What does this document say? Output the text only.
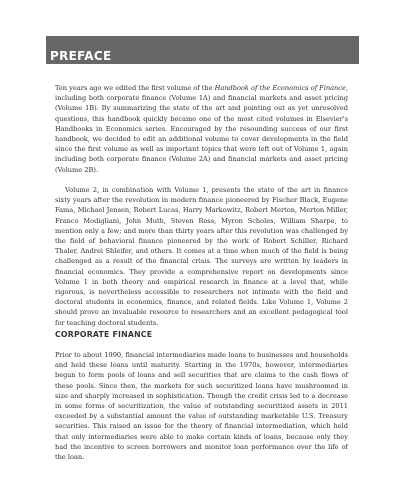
PREFACE

Ten years ago we edited the first volume of the Handbook of the Economics of Finance, including both corporate finance (Volume 1A) and financial markets and asset pricing (Volume 1B). By summarizing the state of the art and pointing out as yet unresolved questions, this handbook quickly became one of the most cited volumes in Elsevier's Handbooks in Economics series. Encouraged by the resounding success of our first handbook, we decided to edit an additional volume to cover developments in the field since the first volume as well as important topics that were left out of Volume 1, again including both corporate finance (Volume 2A) and financial markets and asset pricing (Volume 2B).

Volume 2, in combination with Volume 1, presents the state of the art in finance sixty years after the revolution in modern finance pioneered by Fischer Black, Eugene Fama, Michael Jensen, Robert Lucas, Harry Markowitz, Robert Merton, Merton Miller, Franco Modigliani, John Muth, Steven Ross, Myron Scholes, William Sharpe, to mention only a few; and more than thirty years after this revolution was challenged by the field of behavioral finance pioneered by the work of Robert Schiller, Richard Thaler, Andrei Shleifer, and others. It comes at a time when much of the field is being challenged as a result of the financial crisis. The surveys are written by leaders in financial economics. They provide a comprehensive report on developments since Volume 1 in both theory and empirical research in finance at a level that, while rigorous, is nevertheless accessible to researchers not intimate with the field and doctoral students in economics, finance, and related fields. Like Volume 1, Volume 2 should prove an invaluable resource to researchers and an excellent pedagogical tool for teaching doctoral students.

CORPORATE FINANCE

Prior to about 1990, financial intermediaries made loans to businesses and households and held these loans until maturity. Starting in the 1970s, however, intermediaries began to form pools of loans and sell securities that are claims to the cash flows of these pools. Since then, the markets for such securitized loans have mushroomed in size and sharply increased in sophistication. Though the credit crisis led to a decrease in some forms of securitization, the value of outstanding securitized assets in 2011 exceeded by a substantial amount the value of outstanding marketable U.S. Treasury securities. This raised an issue for the theory of financial intermediation, which held that only intermediaries were able to make certain kinds of loans, because only they had the incentive to screen borrowers and monitor loan performance over the life of the loan.
